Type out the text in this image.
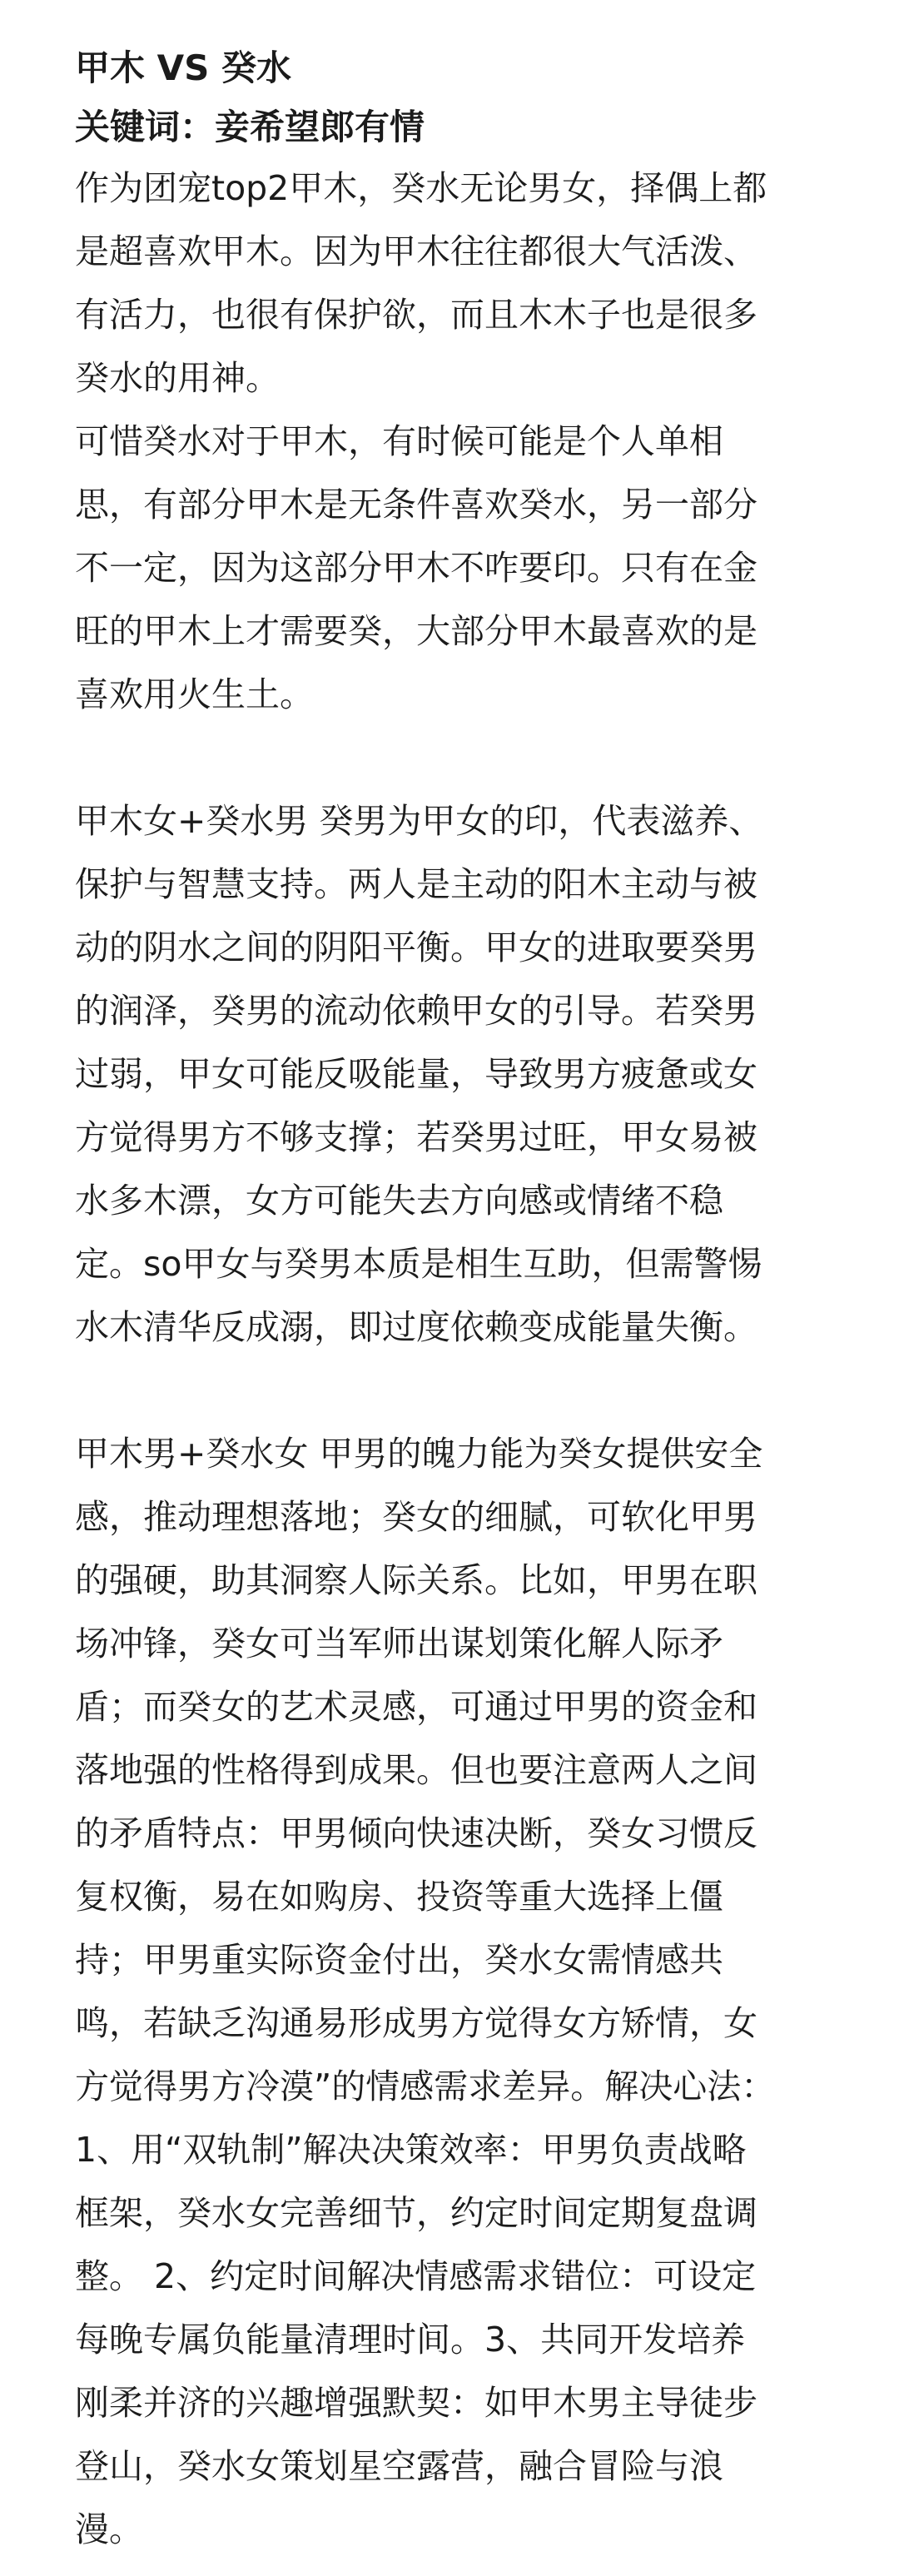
甲木 VS 癸水

关键词：妾希望郎有情

作为团宠top2甲木，癸水无论男女，择偶上都
是超喜欢甲木。因为甲木往往都很大气活泼、
有活力，也很有保护欲，而且木木子也是很多
癸水的用神。
可惜癸水对于甲木，有时候可能是个人单相
思，有部分甲木是无条件喜欢癸水，另一部分
不一定，因为这部分甲木不咋要印。只有在金
旺的甲木上才需要癸，大部分甲木最喜欢的是
喜欢用火生土。

甲木女+癸水男 癸男为甲女的印，代表滋养、
保护与智慧支持。两人是主动的阳木主动与被
动的阴水之间的阴阳平衡。甲女的进取要癸男
的润泽，癸男的流动依赖甲女的引导。若癸男
过弱，甲女可能反吸能量，导致男方疲惫或女
方觉得男方不够支撑；若癸男过旺，甲女易被
水多木漂，女方可能失去方向感或情绪不稳
定。so甲女与癸男本质是相生互助，但需警惕
水木清华反成溺，即过度依赖变成能量失衡。

甲木男+癸水女 甲男的魄力能为癸女提供安全
感，推动理想落地；癸女的细腻，可软化甲男
的强硬，助其洞察人际关系。比如，甲男在职
场冲锋，癸女可当军师出谋划策化解人际矛
盾；而癸女的艺术灵感，可通过甲男的资金和
落地强的性格得到成果。但也要注意两人之间
的矛盾特点：甲男倾向快速决断，癸女习惯反
复权衡，易在如购房、投资等重大选择上僵
持；甲男重实际资金付出，癸水女需情感共
鸣，若缺乏沟通易形成男方觉得女方矫情，女
方觉得男方冷漠”的情感需求差异。解决心法：
1、用“双轨制”解决决策效率：甲男负责战略
框架，癸水女完善细节，约定时间定期复盘调
整。 2、约定时间解决情感需求错位：可设定
每晚专属负能量清理时间。3、共同开发培养
刚柔并济的兴趣增强默契：如甲木男主导徒步
登山，癸水女策划星空露营，融合冒险与浪
漫。
